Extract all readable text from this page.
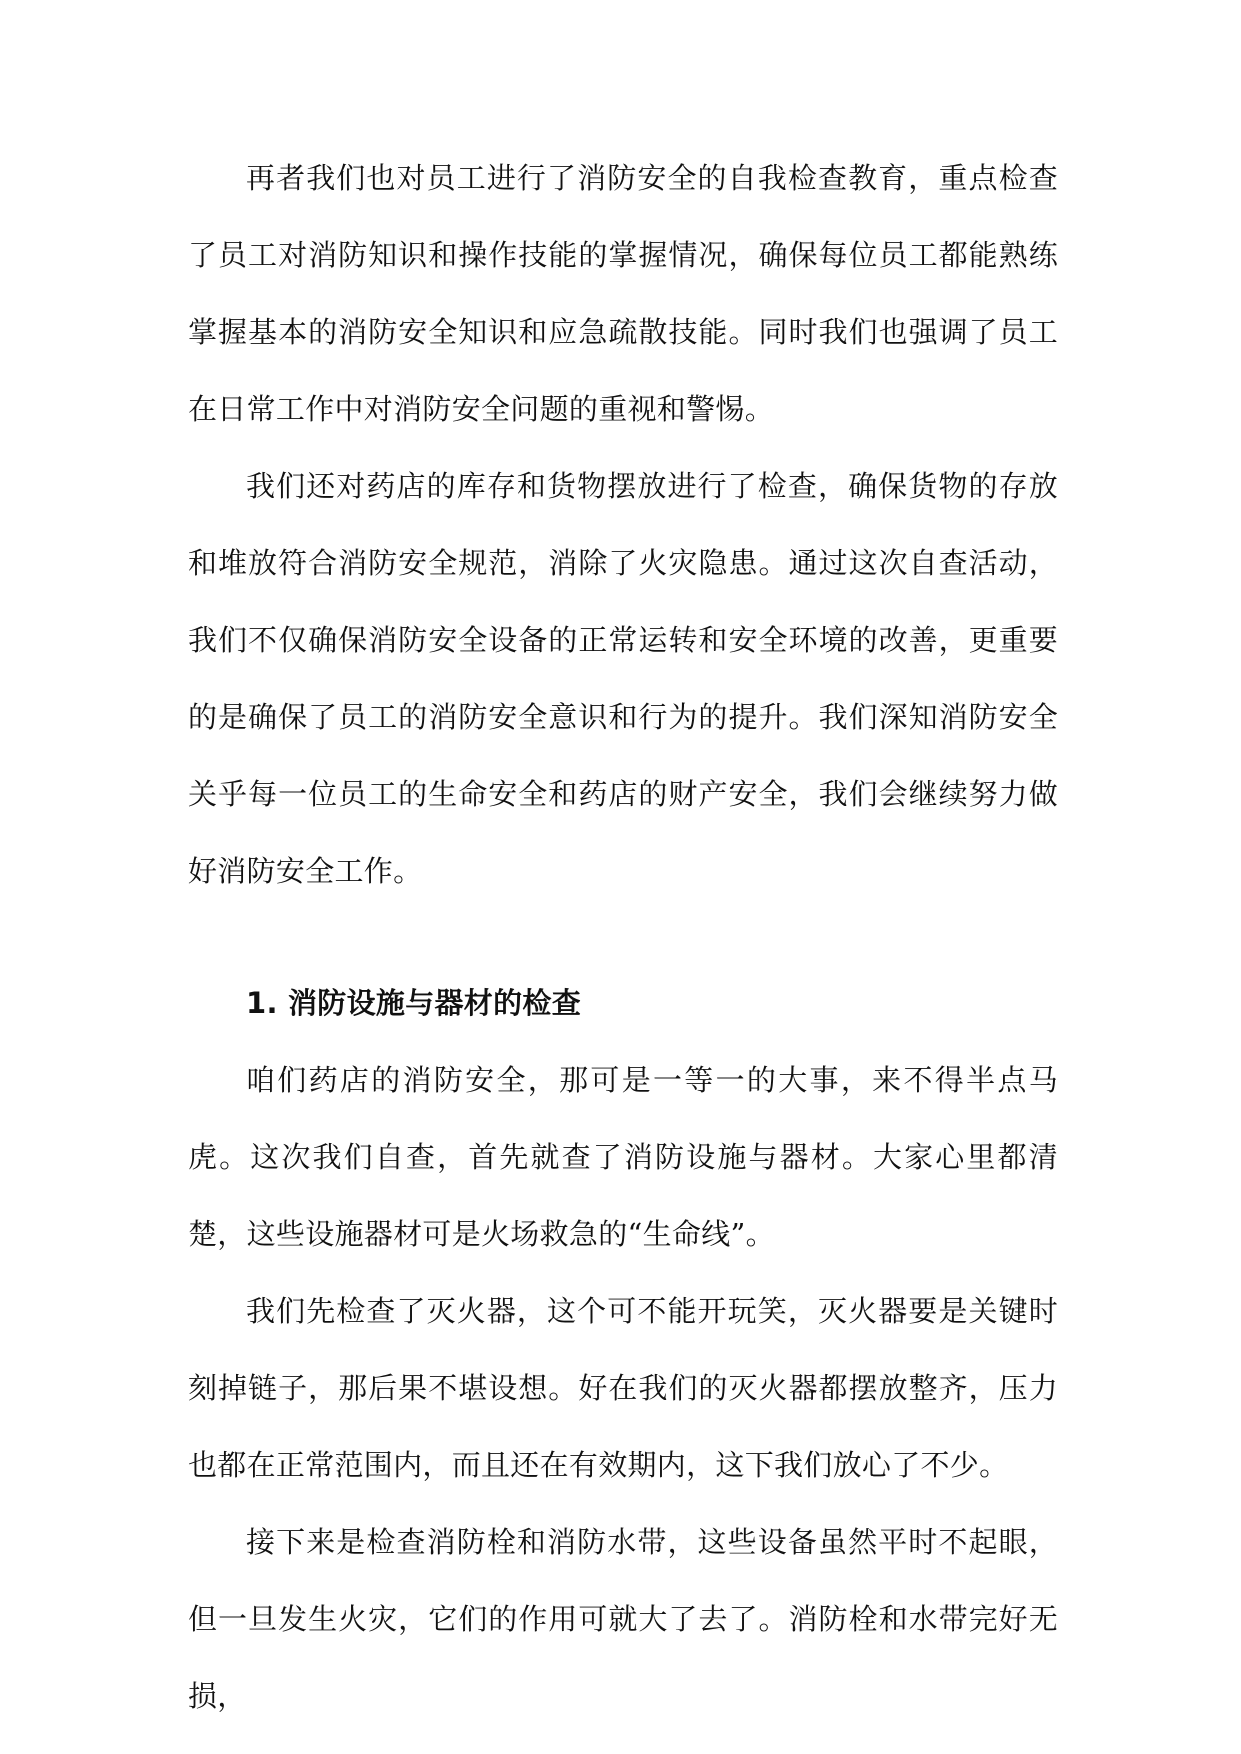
再者我们也对员工进行了消防安全的自我检查教育，重点检查了员工对消防知识和操作技能的掌握情况，确保每位员工都能熟练掌握基本的消防安全知识和应急疏散技能。同时我们也强调了员工在日常工作中对消防安全问题的重视和警惕。

我们还对药店的库存和货物摆放进行了检查，确保货物的存放和堆放符合消防安全规范，消除了火灾隐患。通过这次自查活动，我们不仅确保消防安全设备的正常运转和安全环境的改善，更重要的是确保了员工的消防安全意识和行为的提升。我们深知消防安全关乎每一位员工的生命安全和药店的财产安全，我们会继续努力做好消防安全工作。

1. 消防设施与器材的检查

咱们药店的消防安全，那可是一等一的大事，来不得半点马虎。这次我们自查，首先就查了消防设施与器材。大家心里都清楚，这些设施器材可是火场救急的“生命线”。

我们先检查了灭火器，这个可不能开玩笑，灭火器要是关键时刻掉链子，那后果不堪设想。好在我们的灭火器都摆放整齐，压力也都在正常范围内，而且还在有效期内，这下我们放心了不少。

接下来是检查消防栓和消防水带，这些设备虽然平时不起眼，但一旦发生火灾，它们的作用可就大了去了。消防栓和水带完好无损，
